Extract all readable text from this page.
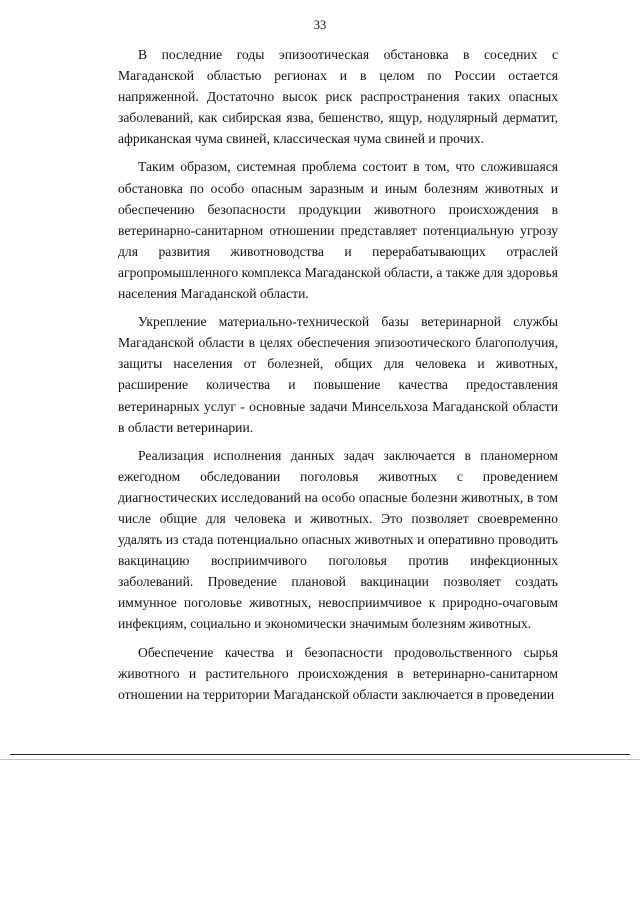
33

В последние годы эпизоотическая обстановка в соседних с Магаданской областью регионах и в целом по России остается напряженной. Достаточно высок риск распространения таких опасных заболеваний, как сибирская язва, бешенство, ящур, нодулярный дерматит, африканская чума свиней, классическая чума свиней и прочих.

Таким образом, системная проблема состоит в том, что сложившаяся обстановка по особо опасным заразным и иным болезням животных и обеспечению безопасности продукции животного происхождения в ветеринарно-санитарном отношении представляет потенциальную угрозу для развития животноводства и перерабатывающих отраслей агропромышленного комплекса Магаданской области, а также для здоровья населения Магаданской области.

Укрепление материально-технической базы ветеринарной службы Магаданской области в целях обеспечения эпизоотического благополучия, защиты населения от болезней, общих для человека и животных, расширение количества и повышение качества предоставления ветеринарных услуг - основные задачи Минсельхоза Магаданской области в области ветеринарии.

Реализация исполнения данных задач заключается в планомерном ежегодном обследовании поголовья животных с проведением диагностических исследований на особо опасные болезни животных, в том числе общие для человека и животных. Это позволяет своевременно удалять из стада потенциально опасных животных и оперативно проводить вакцинацию восприимчивого поголовья против инфекционных заболеваний. Проведение плановой вакцинации позволяет создать иммунное поголовье животных, невосприимчивое к природно-очаговым инфекциям, социально и экономически значимым болезням животных.

Обеспечение качества и безопасности продовольственного сырья животного и растительного происхождения в ветеринарно-санитарном отношении на территории Магаданской области заключается в проведении
